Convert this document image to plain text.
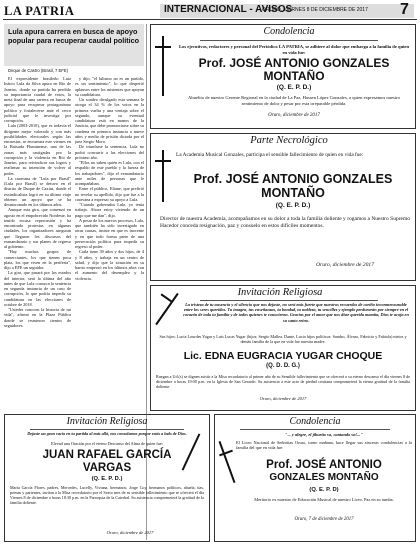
LA PATRIA	INTERNACIONAL - AVISOS
ORURO, VIERNES 8 DE DICIEMBRE DE 2017 7
Lula apura carrera en busca de apoyo popular para recuperar caudal político
Dirque de Castro (Brasil, 7 EFE)

El expresidente brasileño Luiz Inácio Lula da Silva apura en Río de Janeiro, donde su partido ha perdido su importancia caudal de votos, la meta final de una carrera en busca de apoyo para recuperar protagonismo político y fortalecerse ante el cerco judicial que le investiga por corrupción.

Lula (2003-2010), que es todavía el dirigente mejor valorado y con más posibilidades electorales según las encuestas, se encuentra este viernes en la Baixada Fluminense, una de las zonas más castigadas por la corrupción y la violencia en Río de Janeiro, para reivindicar sus logros y reafirmar su intención de volver al poder.

La caravana de "Lula por Brasil" (Lula por Brasil) se detuvo en el distrito de Duque de Caxias, donde el exsindicalista logró en su último viaje obtener un apoyo que se ha desmoronado en los últimos años.

Aunque esta gira, que comenzó en agosto en el empobrecido Nordeste, ha tenido escasa repercusión y ha encontrado protestas en algunas ciudades, los organizadores aseguran que llegaron los discursos del exmandatario y sus planes de regreso al gobierno.

"Hay muchos grupos de comerciantes, los que tienen poca plata, los que viven en la periferia", dijo a EFE un seguidor.

La gira, que pasará por los estados del interior, será la última del año antes de que Lula conozca la sentencia en segunda instancia de un caso de corrupción, lo que podría impedir su candidatura en las elecciones de octubre de 2018.

"Ustedes conocen la historia de mi vida", afirmó en la Plaza Pública donde se reunieron cientos de seguidores.

y dijo, "el lulismo no es un partido, es un sentimiento", lo que despertó aplausos entre los asistentes que apoyan su candidatura.

Un sondeo divulgado esta semana le otorga el 34 % de los votos en la primera vuelta y una ventaja sobre el segundo, aunque su eventual candidatura está en manos de la Justicia, que debe pronunciarse sobre su condena en primera instancia a nueve años y medio de prisión dictada por el juez Sergio Moro.

De triunfarse la sentencia, Lula no podrá concurrir a las elecciones del próximo año.

"Ellos no saben quién es Lula, con el respaldo de este pueblo y la fuerza de los trabajadores", dijo el exmandatario ante miles de personas que le acompañaban.

Entre el público, Eliane, que prefirió no revelar su apellido, dijo que fue a la caravana a expresar su apoyo a Lula.

"Cuando gobernaba Lula, yo tenía trabajo. Ahora estoy viviendo de un pago que me dan", dijo.

A pesar de los nuevos procesos, Lula, que también ha sido investigado en otras causas, insiste en que es inocente y en que todo forma parte de una persecución política para impedir su regreso al poder.

Carla tiene 39 años y dos hijos, de 4 y 8 años, y trabaja en un centro de salud, y dijo que la situación en su barrio empeoró en los últimos años con el aumento del desempleo y la violencia.

Condolencia
Los ejecutivos, redactores y personal del Periódico LA PATRIA, se adhiere al dolor que embarga a la familia de quien en vida fue:
Prof. JOSÉ ANTONIO GONZALES
MONTAÑO
(Q. E. P. D.)
Abuelito de nuestro Gerente Regional en la ciudad de La Paz, Hassen López Gonzales, a quien expresamos nuestro sentimiento de dolor y pesar por esta irreparable pérdida.
Oruro, diciembre de 2017
Parte Necrológico
La Academia Musical Gonzales, participa el sensible fallecimiento de quien en vida fue:
Prof. JOSÉ ANTONIO GONZALES
MONTAÑO
(Q. E. P. D.)
Director de nuestra Academia, acompañamos en su dolor a toda la familia doliente y rogamos a Nuestro Supremo Hacedor conceda resignación, paz y consuelo en estos difíciles momentos.
Oruro, diciembre de 2017
Invitación Religiosa
La tristeza de tu ausencia y el silencio que nos dejaste, no será más fuerte que nuestros recuerdos de cariño inconmensurable entre los seres queridos. Tu imagen, tus enseñanzas, tu bondad, tu nobleza, tu sencillez y ejemplo perdurarán por siempre en el corazón de toda tu familia y de todos quienes te conocieron. Gracias por el amor que nos diste querida mamita, Dios te acoja en su santo reino.
Sus hijos: Lucia Lourdes Yugar y Luis Lucas Yugar (hijos: Sergio Mallea, Dante, Lucia hijos políticos: Sandro, Álvaro, Fabricio y Fabiola) nietos y demás familia de la que en vida fue nuestra madre.
Lic. EDNA EUGRACIA YUGAR CHOQUE
(Q. D. D. G.)
Ruegan a Ud.(s) se dignen asistir a la Misa recordatorio al primer año de su Sensible fallecimiento que se ofrecerá a su eterno descanso el día viernes 8 de diciembre a horas 19:00 p.m. en la Iglesia de San Gerardo. Su asistencia a este acto de piedad cristiana comprometerá la eterna gratitud de la familia doliente.
Oruro, diciembre de 2017
Invitación Religiosa
Dejaste un gran vacío en tu partida al más allá, nos consolamos porque estás a lado de Dios.
Elevad una Oración por el eterno Descanso del Alma de quien fue:
JUAN RAFAEL GARCÍA
VARGAS
(Q. E. P. D.)
María García Flores, padres, Mercedes, Lucelly, Viviana, hermanos; Jorge Coy, hermanos políticos, abuela, tías, primas y parientes, invitan a la Misa recordatorio por el Sexto mes de su sensible fallecimiento que se ofrecerá el día Viernes 8 de diciembre a horas 18:30 p.m. en la Parroquia de la Catedral. Su asistencia comprometerá la gratitud de la familia doliente.
Oruro, diciembre de 2017
Condolencia
"... y alegre, el jiburito va, cantando va!..."
El Liceo Nacional de Señoritas Oruro, turno mañana, hace llegar sus sinceras condolencias a la familia del que en vida fue:
Prof. JOSÉ ANTONIO
GONZALES MONTAÑO
(Q. E. P. D)
Meritorio ex maestro de Educación Musical de nuestro Liceo. Paz en su tumba.
Oruro, 7 de diciembre de 2017
